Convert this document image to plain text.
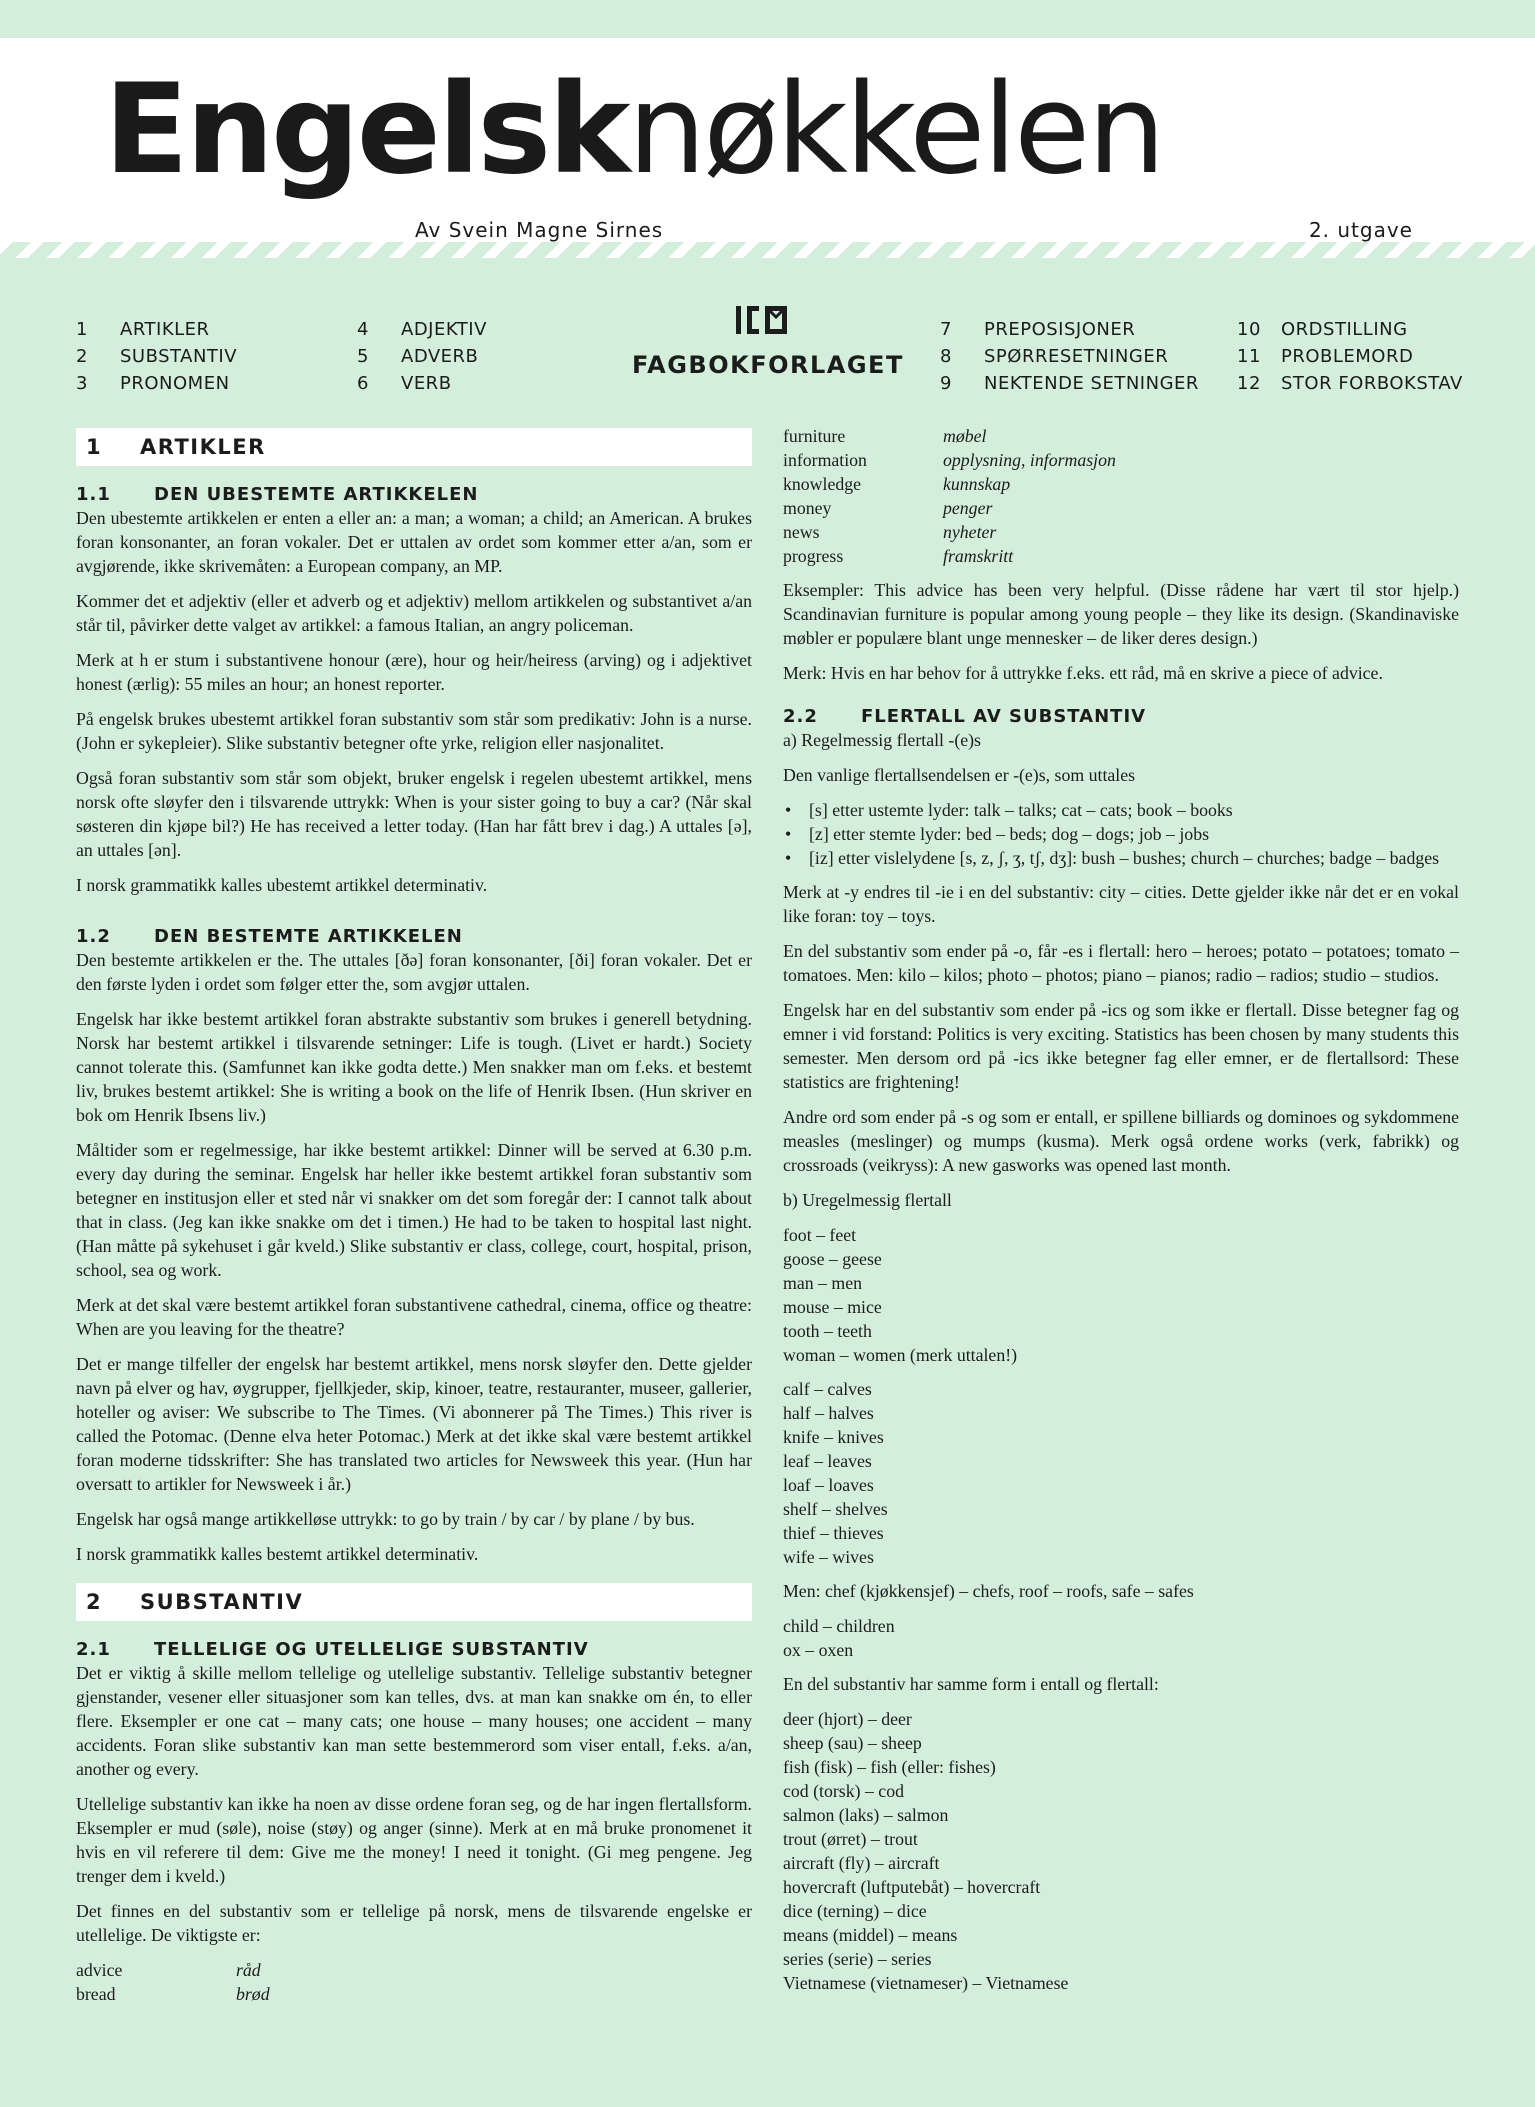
Engelsknøkkelen
Av Svein Magne Sirnes	2. utgave
1	ARTIKLER
2	SUBSTANTIV
3	PRONOMEN
4	ADJEKTIV
5	ADVERB
6	VERB
FAGBOKFORLAGET
7	PREPOSISJONER
8	SPØRRESETNINGER
9	NEKTENDE SETNINGER
10	ORDSTILLING
11	PROBLEMORD
12	STOR FORBOKSTAV
1	ARTIKLER
1.1 DEN UBESTEMTE ARTIKKELEN

Den ubestemte artikkelen er enten a eller an: a man; a woman; a child; an American. A brukes foran konsonanter, an foran vokaler. Det er uttalen av ordet som kommer etter a/an, som er avgjørende, ikke skrivemåten: a European company, an MP.

Kommer det et adjektiv (eller et adverb og et adjektiv) mellom artikkelen og substantivet a/an står til, påvirker dette valget av artikkel: a famous Italian, an angry policeman.

Merk at h er stum i substantivene honour (ære), hour og heir/heiress (arving) og i adjektivet honest (ærlig): 55 miles an hour; an honest reporter.

På engelsk brukes ubestemt artikkel foran substantiv som står som predikativ: John is a nurse. (John er sykepleier). Slike substantiv betegner ofte yrke, religion eller nasjonalitet.

Også foran substantiv som står som objekt, bruker engelsk i regelen ubestemt artikkel, mens norsk ofte sløyfer den i tilsvarende uttrykk: When is your sister going to buy a car? (Når skal søsteren din kjøpe bil?) He has received a letter today. (Han har fått brev i dag.) A uttales [ə], an uttales [ən].

I norsk grammatikk kalles ubestemt artikkel determinativ.

1.2 DEN BESTEMTE ARTIKKELEN

Den bestemte artikkelen er the. The uttales [ðə] foran konsonanter, [ði] foran vokaler. Det er den første lyden i ordet som følger etter the, som avgjør uttalen.

Engelsk har ikke bestemt artikkel foran abstrakte substantiv som brukes i generell betydning. Norsk har bestemt artikkel i tilsvarende setninger: Life is tough. (Livet er hardt.) Society cannot tolerate this. (Samfunnet kan ikke godta dette.) Men snakker man om f.eks. et bestemt liv, brukes bestemt artikkel: She is writing a book on the life of Henrik Ibsen. (Hun skriver en bok om Henrik Ibsens liv.)

Måltider som er regelmessige, har ikke bestemt artikkel: Dinner will be served at 6.30 p.m. every day during the seminar. Engelsk har heller ikke bestemt artikkel foran substantiv som betegner en institusjon eller et sted når vi snakker om det som foregår der: I cannot talk about that in class. (Jeg kan ikke snakke om det i timen.) He had to be taken to hospital last night. (Han måtte på sykehuset i går kveld.) Slike substantiv er class, college, court, hospital, prison, school, sea og work.

Merk at det skal være bestemt artikkel foran substantivene cathedral, cinema, office og theatre: When are you leaving for the theatre?

Det er mange tilfeller der engelsk har bestemt artikkel, mens norsk sløyfer den. Dette gjelder navn på elver og hav, øygrupper, fjellkjeder, skip, kinoer, teatre, restauranter, museer, gallerier, hoteller og aviser: We subscribe to The Times. (Vi abonnerer på The Times.) This river is called the Potomac. (Denne elva heter Potomac.) Merk at det ikke skal være bestemt artikkel foran moderne tidsskrifter: She has translated two articles for Newsweek this year. (Hun har oversatt to artikler for Newsweek i år.)

Engelsk har også mange artikkelløse uttrykk: to go by train / by car / by plane / by bus.

I norsk grammatikk kalles bestemt artikkel determinativ.

2	SUBSTANTIV
2.1 TELLELIGE OG UTELLELIGE SUBSTANTIV

Det er viktig å skille mellom tellelige og utellelige substantiv. Tellelige substantiv betegner gjenstander, vesener eller situasjoner som kan telles, dvs. at man kan snakke om én, to eller flere. Eksempler er one cat – many cats; one house – many houses; one accident – many accidents. Foran slike substantiv kan man sette bestemmerord som viser entall, f.eks. a/an, another og every.

Utellelige substantiv kan ikke ha noen av disse ordene foran seg, og de har ingen flertallsform. Eksempler er mud (søle), noise (støy) og anger (sinne). Merk at en må bruke pronomenet it hvis en vil referere til dem: Give me the money! I need it tonight. (Gi meg pengene. Jeg trenger dem i kveld.)

Det finnes en del substantiv som er tellelige på norsk, mens de tilsvarende engelske er utellelige. De viktigste er:

advice	råd
bread	brød
furniture	møbel
information	opplysning, informasjon
knowledge	kunnskap
money	penger
news	nyheter
progress	framskritt

Eksempler: This advice has been very helpful. (Disse rådene har vært til stor hjelp.) Scandinavian furniture is popular among young people – they like its design. (Skandinaviske møbler er populære blant unge mennesker – de liker deres design.)

Merk: Hvis en har behov for å uttrykke f.eks. ett råd, må en skrive a piece of advice.

2.2 FLERTALL AV SUBSTANTIV

a) Regelmessig flertall -(e)s

Den vanlige flertallsendelsen er -(e)s, som uttales

• [s] etter ustemte lyder: talk – talks; cat – cats; book – books
• [z] etter stemte lyder: bed – beds; dog – dogs; job – jobs
• [iz] etter vislelydene [s, z, ʃ, ʒ, tʃ, dʒ]: bush – bushes; church – churches; badge – badges

Merk at -y endres til -ie i en del substantiv: city – cities. Dette gjelder ikke når det er en vokal like foran: toy – toys.

En del substantiv som ender på -o, får -es i flertall: hero – heroes; potato – potatoes; tomato – tomatoes. Men: kilo – kilos; photo – photos; piano – pianos; radio – radios; studio – studios.

Engelsk har en del substantiv som ender på -ics og som ikke er flertall. Disse betegner fag og emner i vid forstand: Politics is very exciting. Statistics has been chosen by many students this semester. Men dersom ord på -ics ikke betegner fag eller emner, er de flertallsord: These statistics are frightening!

Andre ord som ender på -s og som er entall, er spillene billiards og dominoes og sykdommene measles (meslinger) og mumps (kusma). Merk også ordene works (verk, fabrikk) og crossroads (veikryss): A new gasworks was opened last month.

b) Uregelmessig flertall

foot – feet
goose – geese
man – men
mouse – mice
tooth – teeth
woman – women (merk uttalen!)
calf – calves
half – halves
knife – knives
leaf – leaves
loaf – loaves
shelf – shelves
thief – thieves
wife – wives

Men: chef (kjøkkensjef) – chefs, roof – roofs, safe – safes

child – children
ox – oxen

En del substantiv har samme form i entall og flertall:

deer (hjort) – deer
sheep (sau) – sheep
fish (fisk) – fish (eller: fishes)
cod (torsk) – cod
salmon (laks) – salmon
trout (ørret) – trout
aircraft (fly) – aircraft
hovercraft (luftputebåt) – hovercraft
dice (terning) – dice
means (middel) – means
series (serie) – series
Vietnamese (vietnameser) – Vietnamese
